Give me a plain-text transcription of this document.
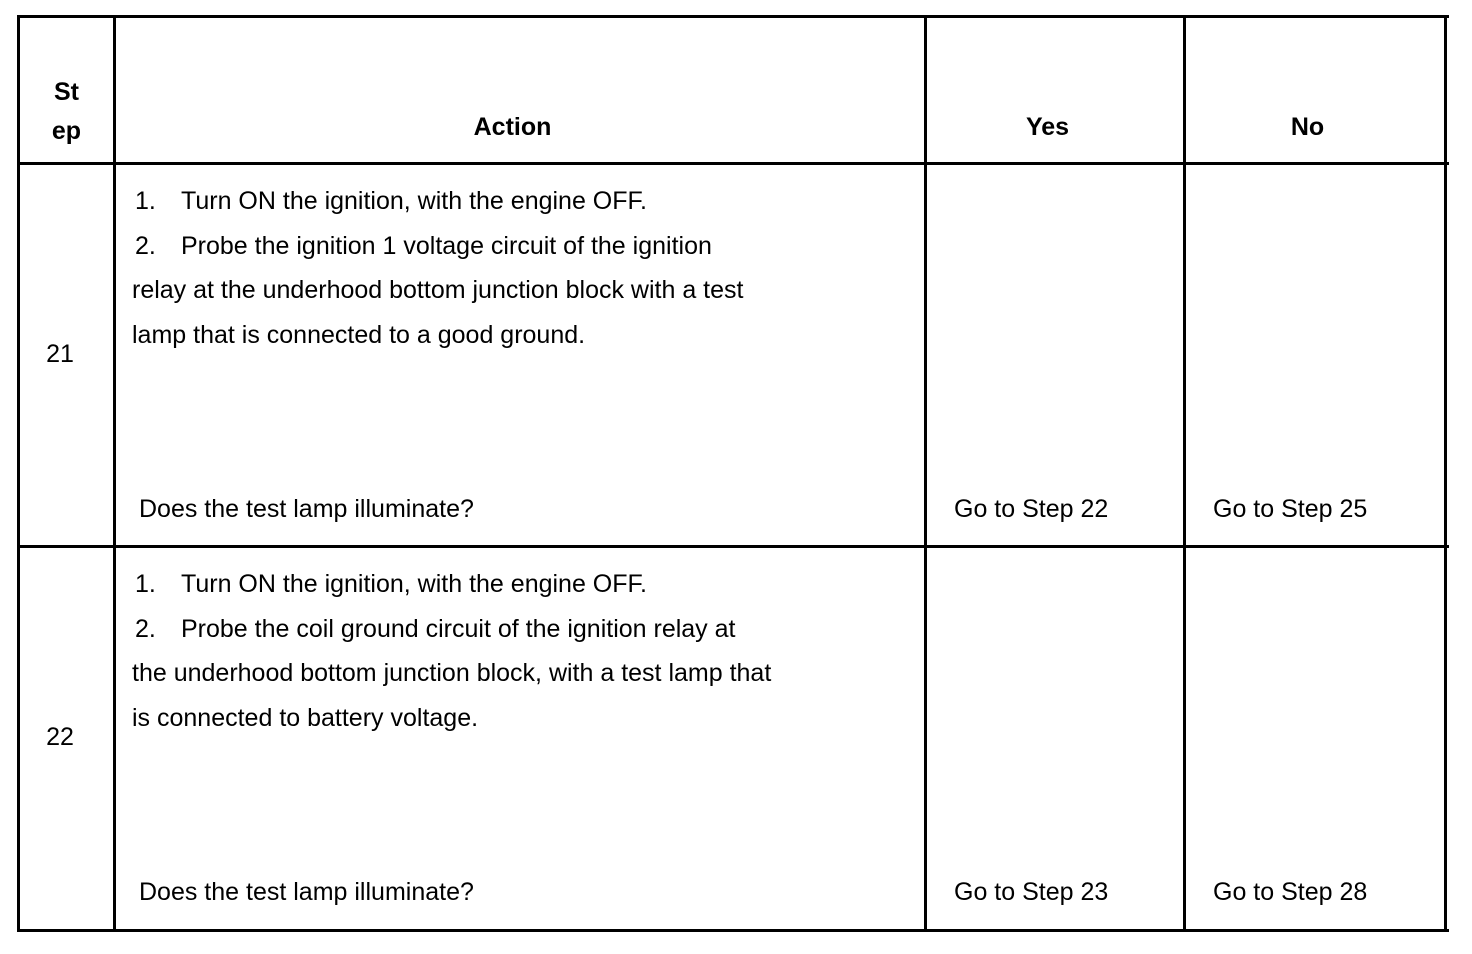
St
ep	Action	Yes	No
21
1.	Turn ON the ignition, with the engine OFF.
2.	Probe the ignition 1 voltage circuit of the ignition
relay at the underhood bottom junction block with a test
lamp that is connected to a good ground.
Does the test lamp illuminate?	Go to Step 22	Go to Step 25
22
1.	Turn ON the ignition, with the engine OFF.
2.	Probe the coil ground circuit of the ignition relay at
the underhood bottom junction block, with a test lamp that
is connected to battery voltage.
Does the test lamp illuminate?	Go to Step 23	Go to Step 28
